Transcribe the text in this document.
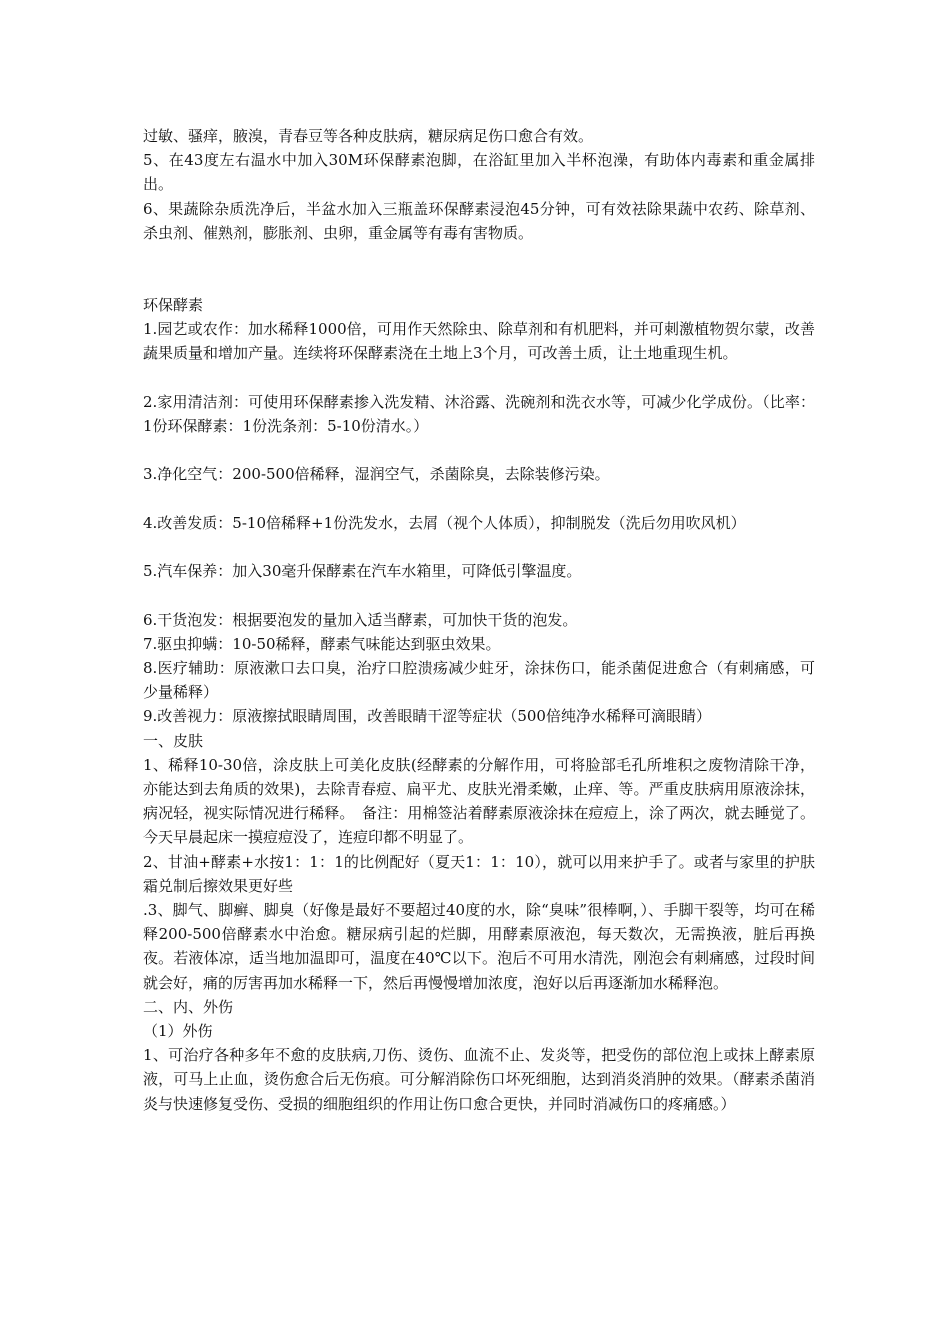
过敏、骚痒，腋溴，青春豆等各种皮肤病，糖尿病足伤口愈合有效。

5、在43度左右温水中加入30M环保酵素泡脚，在浴缸里加入半杯泡澡，有助体内毒素和重金属排出。

6、果蔬除杂质洗净后，半盆水加入三瓶盖环保酵素浸泡45分钟，可有效祛除果蔬中农药、除草剂、杀虫剂、催熟剂，膨胀剂、虫卵，重金属等有毒有害物质。

环保酵素

1.园艺或农作：加水稀释1000倍，可用作天然除虫、除草剂和有机肥料，并可刺激植物贺尔蒙，改善蔬果质量和增加产量。连续将环保酵素浇在土地上3个月，可改善土质，让土地重现生机。

2.家用清洁剂：可使用环保酵素掺入洗发精、沐浴露、洗碗剂和洗衣水等，可减少化学成份。（比率：1份环保酵素：1份洗条剂：5-10份清水。）

3.净化空气：200-500倍稀释，湿润空气，杀菌除臭，去除装修污染。

4.改善发质：5-10倍稀释+1份洗发水，去屑（视个人体质），抑制脱发（洗后勿用吹风机）

5.汽车保养：加入30毫升保酵素在汽车水箱里，可降低引擎温度。

6.干货泡发：根据要泡发的量加入适当酵素，可加快干货的泡发。

7.驱虫抑螨：10-50稀释，酵素气味能达到驱虫效果。

8.医疗辅助：原液漱口去口臭，治疗口腔溃疡减少蛀牙，涂抹伤口，能杀菌促进愈合（有刺痛感，可少量稀释）

9.改善视力：原液擦拭眼睛周围，改善眼睛干涩等症状（500倍纯净水稀释可滴眼睛）

一、皮肤

1、稀释10-30倍，涂皮肤上可美化皮肤(经酵素的分解作用，可将脸部毛孔所堆积之废物清除干净，亦能达到去角质的效果)，去除青春痘、扁平尤、皮肤光滑柔嫩，止痒、等。严重皮肤病用原液涂抹，病况轻，视实际情况进行稀释。　备注：用棉签沾着酵素原液涂抹在痘痘上，涂了两次，就去睡觉了。今天早晨起床一摸痘痘没了，连痘印都不明显了。

2、甘油+酵素+水按1：1：1的比例配好（夏天1：1：10），就可以用来护手了。或者与家里的护肤霜兑制后擦效果更好些

.3、脚气、脚癣、脚臭（好像是最好不要超过40度的水，除“臭味”很棒啊，）、手脚干裂等，均可在稀释200-500倍酵素水中治愈。糖尿病引起的烂脚，用酵素原液泡，每天数次，无需换液，脏后再换夜。若液体凉，适当地加温即可，温度在40℃以下。泡后不可用水清洗，刚泡会有刺痛感，过段时间就会好，痛的厉害再加水稀释一下，然后再慢慢增加浓度，泡好以后再逐渐加水稀释泡。

二、内、外伤

（1）外伤

1、可治疗各种多年不愈的皮肤病,刀伤、烫伤、血流不止、发炎等，把受伤的部位泡上或抹上酵素原液，可马上止血，烫伤愈合后无伤痕。可分解消除伤口坏死细胞，达到消炎消肿的效果。（酵素杀菌消炎与快速修复受伤、受损的细胞组织的作用让伤口愈合更快，并同时消减伤口的疼痛感。）
